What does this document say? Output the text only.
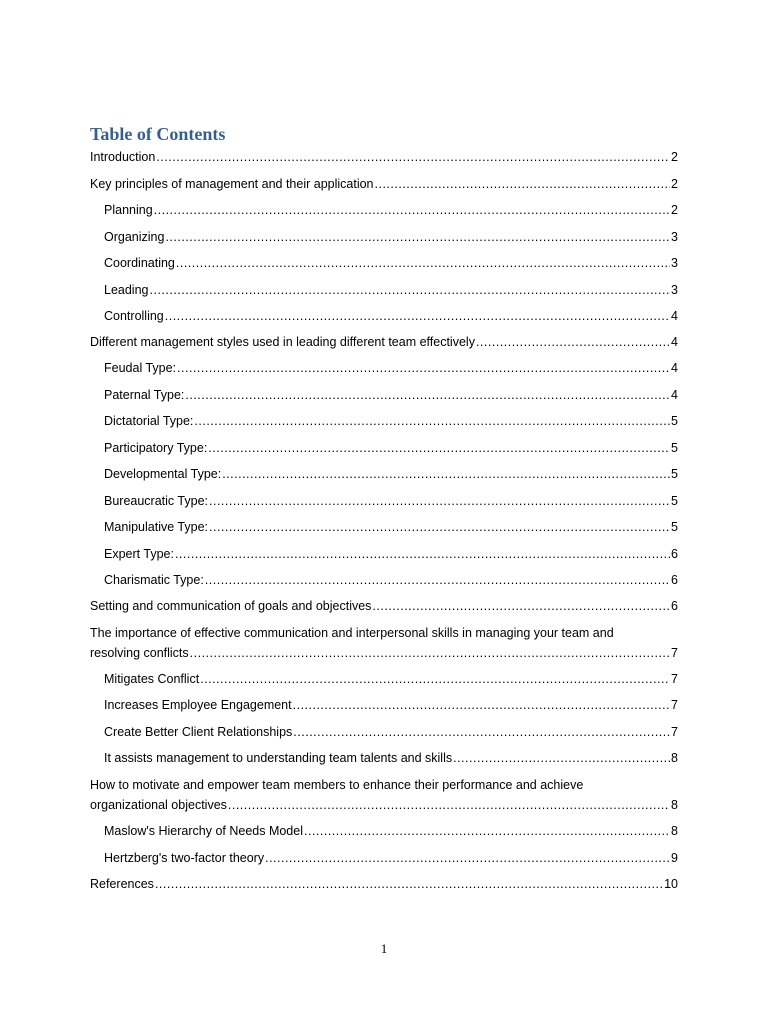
Table of Contents
Introduction .....	2
Key principles of management and their application .....	2
Planning .....	2
Organizing .....	3
Coordinating .....	3
Leading .....	3
Controlling .....	4
Different management styles used in leading different team effectively .....	4
Feudal Type: .....	4
Paternal Type: .....	4
Dictatorial Type: .....	5
Participatory Type: .....	5
Developmental Type: .....	5
Bureaucratic Type: .....	5
Manipulative Type: .....	5
Expert Type: .....	6
Charismatic Type: .....	6
Setting and communication of goals and objectives .....	6
The importance of effective communication and interpersonal skills in managing your team and
resolving conflicts .....	7
Mitigates Conflict .....	7
Increases Employee Engagement .....	7
Create Better Client Relationships .....	7
It assists management to understanding team talents and skills .....	8
How to motivate and empower team members to enhance their performance and achieve
organizational objectives .....	8
Maslow's Hierarchy of Needs Model .....	8
Hertzberg's two-factor theory .....	9
References .....	10
1
